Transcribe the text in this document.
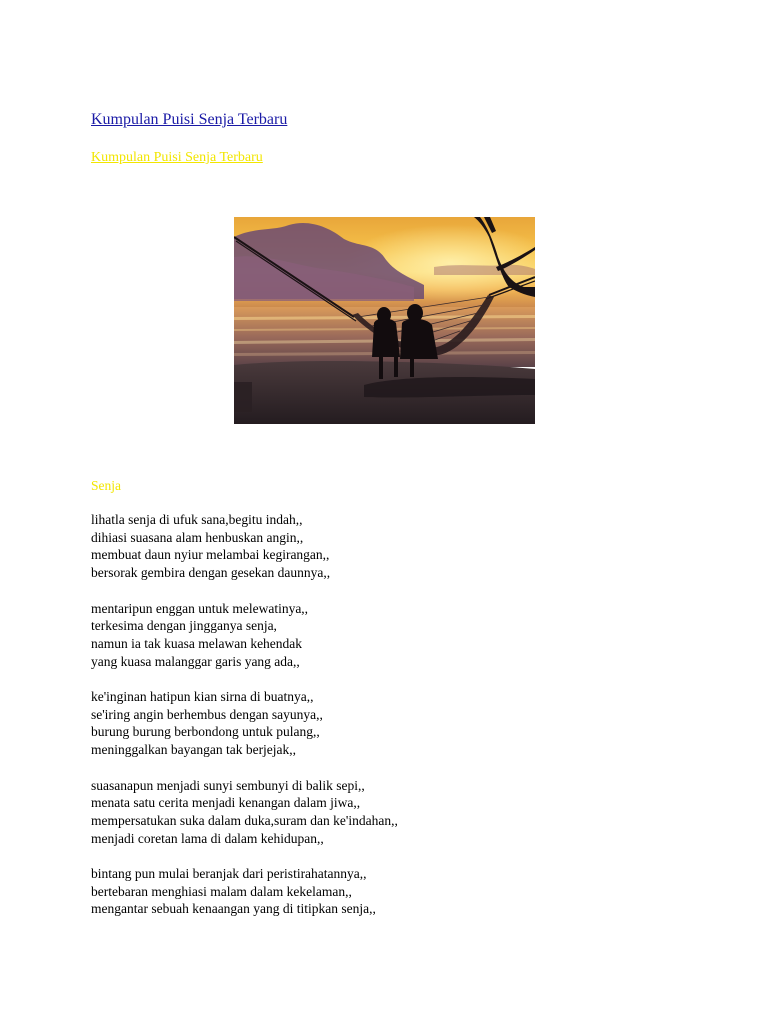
Kumpulan Puisi Senja Terbaru
Kumpulan Puisi Senja Terbaru
Senja
lihatla senja di ufuk sana,begitu indah,,
dihiasi suasana alam henbuskan angin,,
membuat daun nyiur melambai kegirangan,,
bersorak gembira dengan gesekan daunnya,,
mentaripun enggan untuk melewatinya,,
terkesima dengan jingganya senja,
namun ia tak kuasa melawan kehendak
yang kuasa malanggar garis yang ada,,
ke'inginan hatipun kian sirna di buatnya,,
se'iring angin berhembus dengan sayunya,,
burung burung berbondong untuk pulang,,
meninggalkan bayangan tak berjejak,,
suasanapun menjadi sunyi sembunyi di balik sepi,,
menata satu cerita menjadi kenangan dalam jiwa,,
mempersatukan suka dalam duka,suram dan ke'indahan,,
menjadi coretan lama di dalam kehidupan,,
bintang pun mulai beranjak dari peristirahatannya,,
bertebaran menghiasi malam dalam kekelaman,,
mengantar sebuah kenaangan yang di titipkan senja,,
